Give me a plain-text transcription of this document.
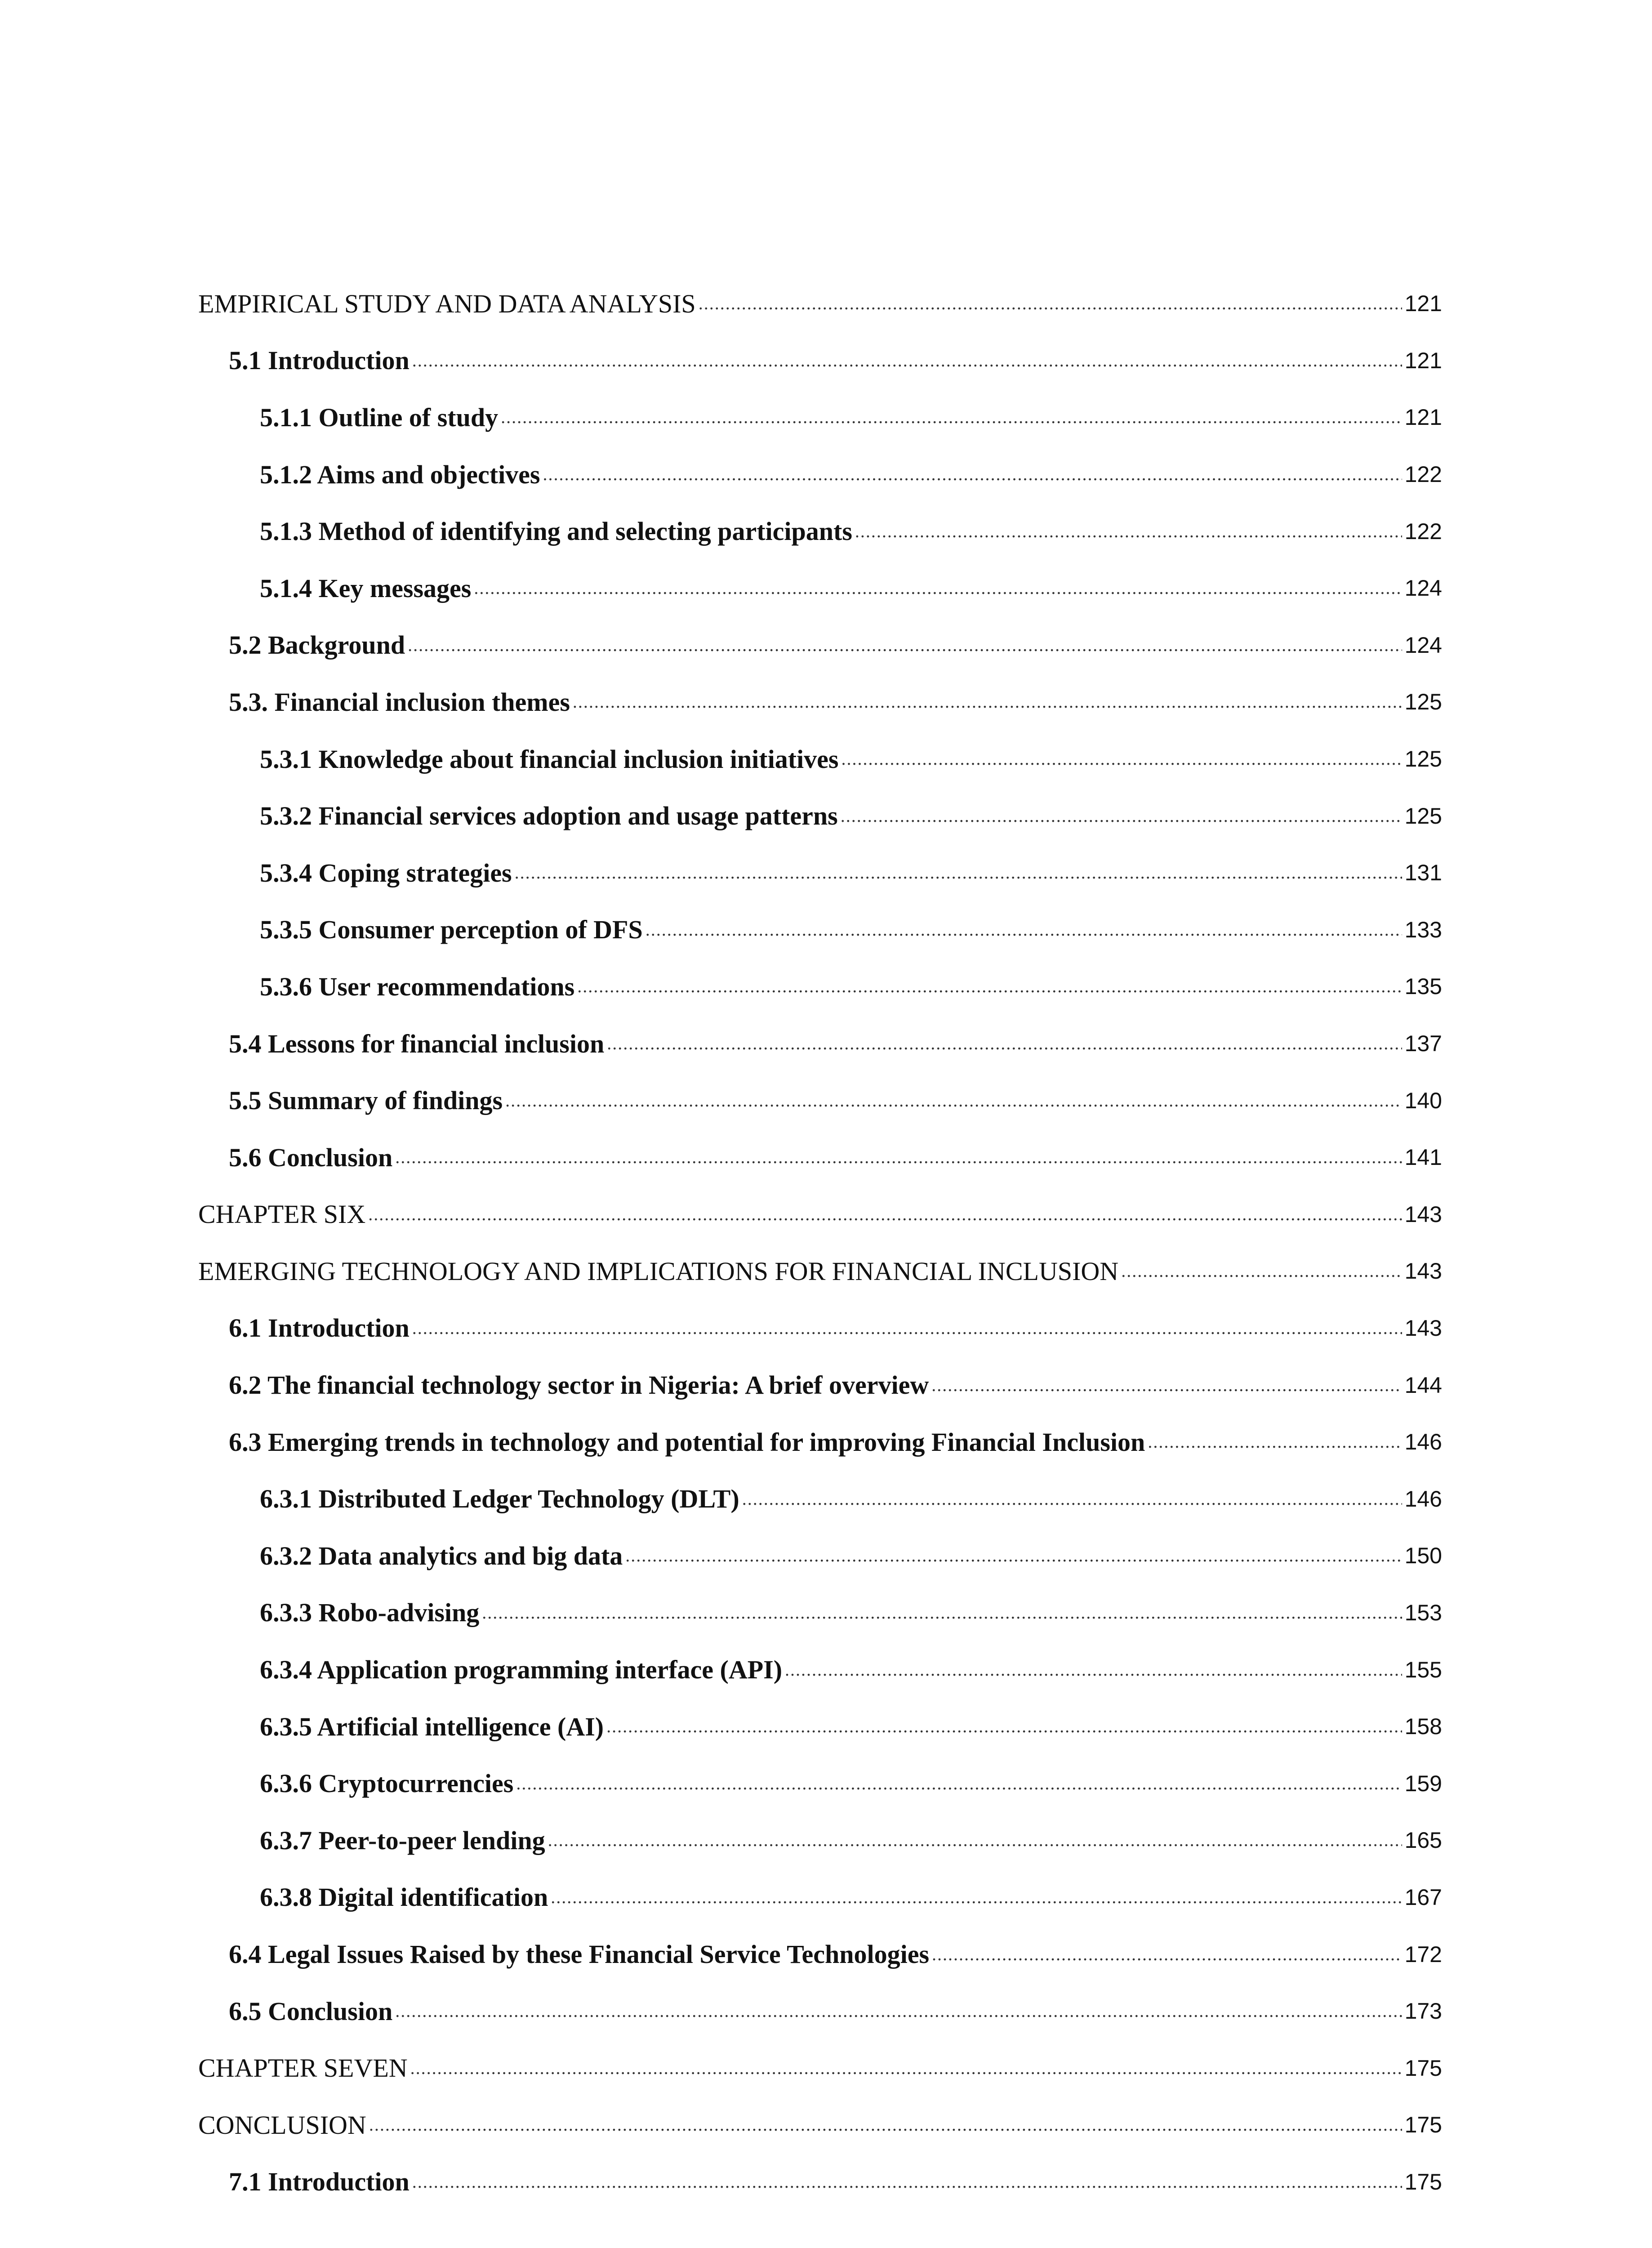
EMPIRICAL STUDY AND DATA ANALYSIS .....	121
5.1 Introduction .....	121
5.1.1 Outline of study .....	121
5.1.2 Aims and objectives .....	122
5.1.3 Method of identifying and selecting participants .....	122
5.1.4 Key messages .....	124
5.2 Background .....	124
5.3. Financial inclusion themes .....	125
5.3.1 Knowledge about financial inclusion initiatives .....	125
5.3.2 Financial services adoption and usage patterns .....	125
5.3.4 Coping strategies .....	131
5.3.5 Consumer perception of DFS .....	133
5.3.6 User recommendations .....	135
5.4 Lessons for financial inclusion .....	137
5.5 Summary of findings .....	140
5.6 Conclusion .....	141
CHAPTER SIX .....	143
EMERGING TECHNOLOGY AND IMPLICATIONS FOR FINANCIAL INCLUSION .....	143
6.1 Introduction .....	143
6.2 The financial technology sector in Nigeria: A brief overview .....	144
6.3 Emerging trends in technology and potential for improving Financial Inclusion .....	146
6.3.1 Distributed Ledger Technology (DLT) .....	146
6.3.2 Data analytics and big data .....	150
6.3.3 Robo-advising .....	153
6.3.4 Application programming interface (API) .....	155
6.3.5 Artificial intelligence (AI) .....	158
6.3.6 Cryptocurrencies .....	159
6.3.7 Peer-to-peer lending .....	165
6.3.8 Digital identification .....	167
6.4 Legal Issues Raised by these Financial Service Technologies .....	172
6.5 Conclusion .....	173
CHAPTER SEVEN .....	175
CONCLUSION .....	175
7.1 Introduction .....	175
